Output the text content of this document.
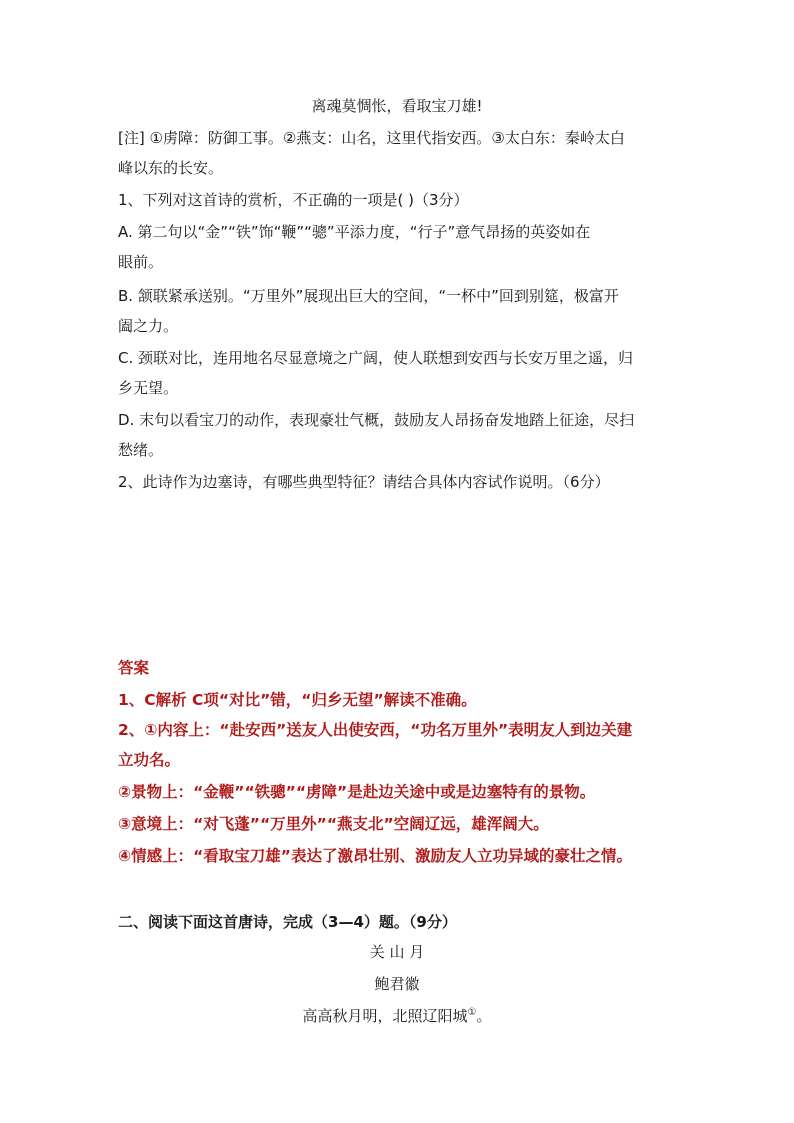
离魂莫惆怅，看取宝刀雄!
[注] ①虏障：防御工事。②燕支：山名，这里代指安西。③太白东：秦岭太白
峰以东的长安。
1、下列对这首诗的赏析，不正确的一项是( )（3分）
A. 第二句以“金”“铁”饰“鞭”“骢”平添力度，“行子”意气昂扬的英姿如在
眼前。
B. 颔联紧承送别。“万里外”展现出巨大的空间，“一杯中”回到别筵，极富开
阖之力。
C. 颈联对比，连用地名尽显意境之广阔，使人联想到安西与长安万里之遥，归
乡无望。
D. 末句以看宝刀的动作，表现豪壮气概，鼓励友人昂扬奋发地踏上征途，尽扫
愁绪。
2、此诗作为边塞诗，有哪些典型特征？请结合具体内容试作说明。（6分）
答案
1、C解析 C项“对比”错，“归乡无望”解读不准确。
2、①内容上：“赴安西”送友人出使安西，“功名万里外”表明友人到边关建
立功名。
②景物上：“金鞭”“铁骢”“虏障”是赴边关途中或是边塞特有的景物。
③意境上：“对飞蓬”“万里外”“燕支北”空阔辽远，雄浑阔大。
④情感上：“看取宝刀雄”表达了激昂壮别、激励友人立功异域的豪壮之情。
二、阅读下面这首唐诗，完成（3—4）题。（9分）
关 山 月
鲍君徽
高高秋月明，北照辽阳城①。
